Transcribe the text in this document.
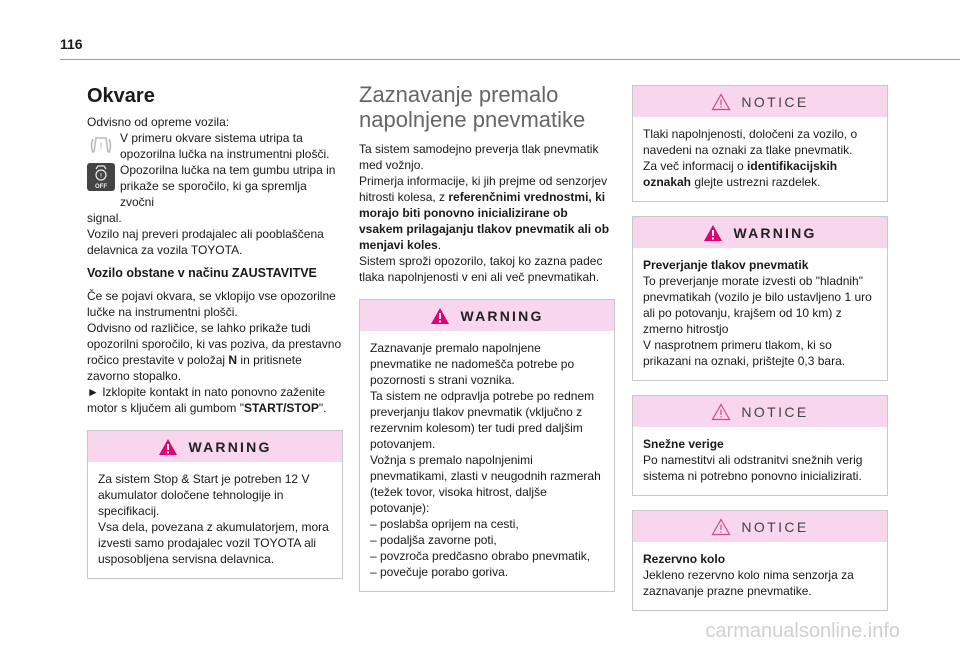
116
Okvare

Odvisno od opreme vozila:

!

V primeru okvare sistema utripa ta opozorilna lučka na instrumentni plošči.

!
OFF

Opozorilna lučka na tem gumbu utripa in prikaže se sporočilo, ki ga spremlja zvočni

signal.

Vozilo naj preveri prodajalec ali pooblaščena delavnica za vozila TOYOTA.

Vozilo obstane v načinu ZAUSTAVITVE

Če se pojavi okvara, se vklopijo vse opozorilne lučke na instrumentni plošči.

Odvisno od različice, se lahko prikaže tudi opozorilni sporočilo, ki vas poziva, da prestavno ročico prestavite v položaj N in pritisnete zavorno stopalko.

► Izklopite kontakt in nato ponovno zaženite motor s ključem ali gumbom "START/STOP".

WARNING

Za sistem Stop & Start je potreben 12 V akumulator določene tehnologije in specifikacij.

Vsa dela, povezana z akumulatorjem, mora izvesti samo prodajalec vozil TOYOTA ali usposobljena servisna delavnica.

Zaznavanje premalo
napolnjene pnevmatike

Ta sistem samodejno preverja tlak pnevmatik med vožnjo.

Primerja informacije, ki jih prejme od senzorjev hitrosti kolesa, z referenčnimi vrednostmi, ki morajo biti ponovno inicializirane ob vsakem prilagajanju tlakov pnevmatik ali ob menjavi koles.

Sistem sproži opozorilo, takoj ko zazna padec tlaka napolnjenosti v eni ali več pnevmatikah.

WARNING

Zaznavanje premalo napolnjene pnevmatike ne nadomešča potrebe po pozornosti s strani voznika.

Ta sistem ne odpravlja potrebe po rednem preverjanju tlakov pnevmatik (vključno z rezervnim kolesom) ter tudi pred daljšim potovanjem.

Vožnja s premalo napolnjenimi pnevmatikami, zlasti v neugodnih razmerah (težek tovor, visoka hitrost, daljše potovanje):

– poslabša oprijem na cesti,

– podaljša zavorne poti,

– povzroča predčasno obrabo pnevmatik,

– povečuje porabo goriva.

NOTICE

Tlaki napolnjenosti, določeni za vozilo, o navedeni na oznaki za tlake pnevmatik.

Za več informacij o identifikacijskih oznakah glejte ustrezni razdelek.

WARNING

Preverjanje tlakov pnevmatik

To preverjanje morate izvesti ob "hladnih" pnevmatikah (vozilo je bilo ustavljeno 1 uro ali po potovanju, krajšem od 10 km) z zmerno hitrostjo

V nasprotnem primeru tlakom, ki so prikazani na oznaki, prištejte 0,3 bara.

NOTICE

Snežne verige

Po namestitvi ali odstranitvi snežnih verig sistema ni potrebno ponovno inicializirati.

NOTICE

Rezervno kolo

Jekleno rezervno kolo nima senzorja za zaznavanje prazne pnevmatike.

carmanualsonline.info
